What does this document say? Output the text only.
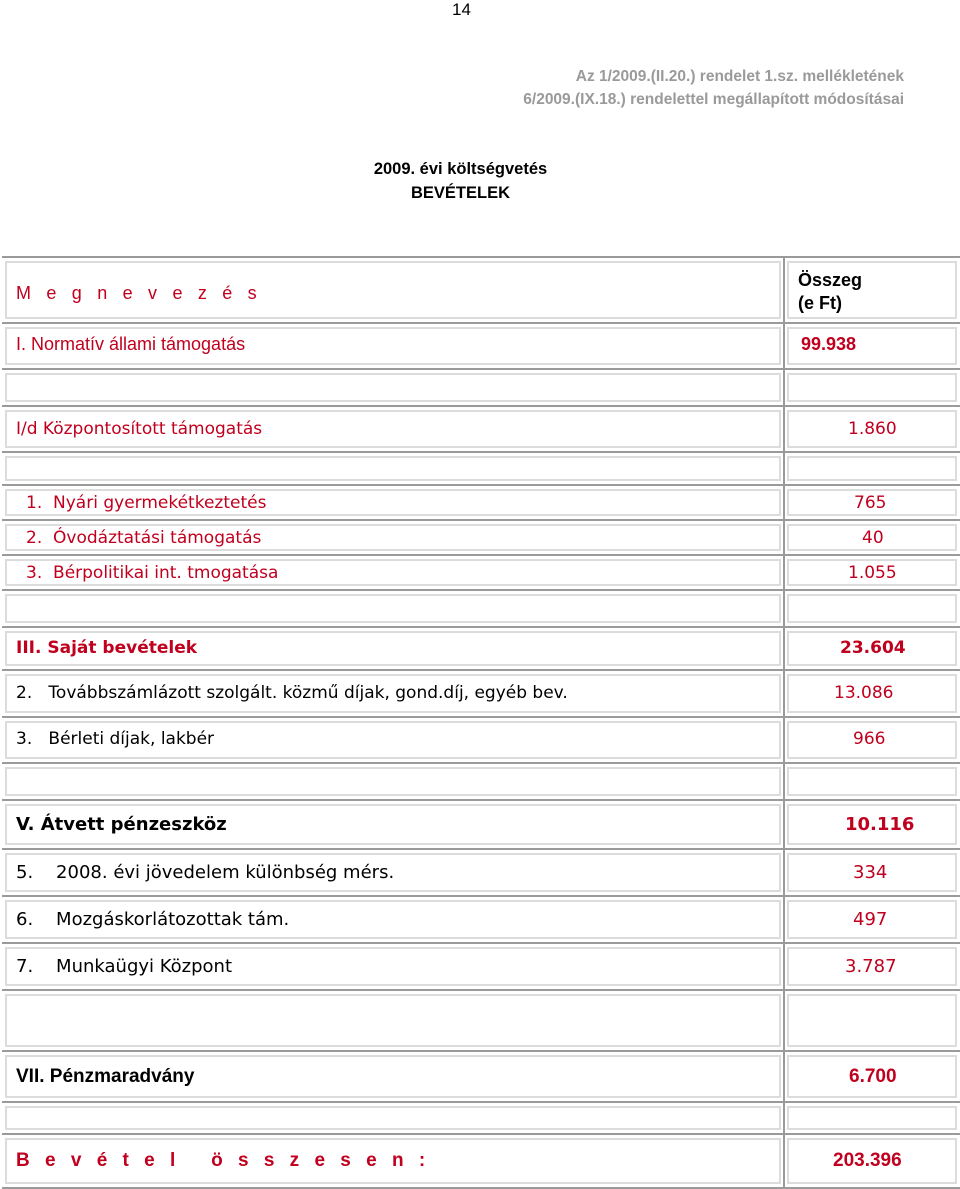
14
Az 1/2009.(II.20.) rendelet 1.sz. mellékletének
6/2009.(IX.18.) rendelettel megállapított módosításai
2009. évi költségvetés
BEVÉTELEK
M e g n e v e z é s
Összeg
(e Ft)
I. Normatív állami támogatás	99.938
I/d Központosított támogatás	1.860
1.  Nyári gyermekétkeztetés	765
2.  Óvodáztatási támogatás	40
3.  Bérpolitikai int. tmogatása	1.055
III. Saját bevételek	23.604
2.   Továbbszámlázott szolgált. közmű díjak, gond.díj, egyéb bev.	13.086
3.   Bérleti díjak, lakbér	966
V. Átvett pénzeszköz	10.116
5.    2008. évi jövedelem különbség mérs.	334
6.    Mozgáskorlátozottak tám.	497
7.    Munkaügyi Központ	3.787
VII. Pénzmaradvány	6.700
B e v é t e l   ö s s z e s e n :	203.396
